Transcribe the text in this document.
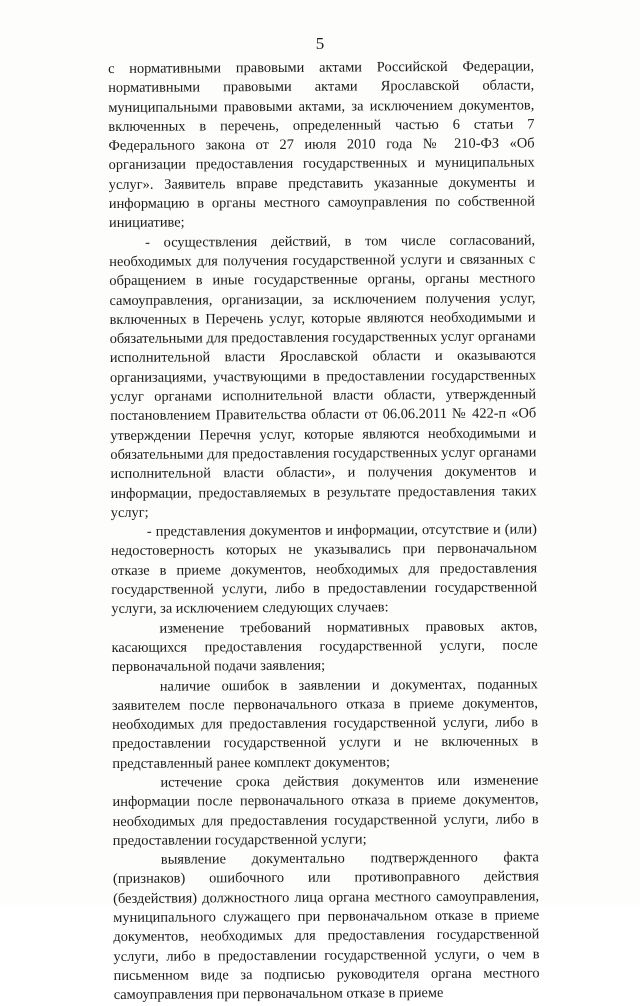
5

с нормативными правовыми актами Российской Федерации, нормативными правовыми актами Ярославской области, муниципальными правовыми актами, за исключением документов, включенных в перечень, определенный частью 6 статьи 7 Федерального закона от 27 июля 2010 года № 210-ФЗ «Об организации предоставления государственных и муниципальных услуг». Заявитель вправе представить указанные документы и информацию в органы местного самоуправления по собственной инициативе;

- осуществления действий, в том числе согласований, необходимых для получения государственной услуги и связанных с обращением в иные государственные органы, органы местного самоуправления, организации, за исключением получения услуг, включенных в Перечень услуг, которые являются необходимыми и обязательными для предоставления государственных услуг органами исполнительной власти Ярославской области и оказываются организациями, участвующими в предоставлении государственных услуг органами исполнительной власти области, утвержденный постановлением Правительства области от 06.06.2011 № 422-п «Об утверждении Перечня услуг, которые являются необходимыми и обязательными для предоставления государственных услуг органами исполнительной власти области», и получения документов и информации, предоставляемых в результате предоставления таких услуг;

- представления документов и информации, отсутствие и (или) недостоверность которых не указывались при первоначальном отказе в приеме документов, необходимых для предоставления государственной услуги, либо в предоставлении государственной услуги, за исключением следующих случаев:

изменение требований нормативных правовых актов, касающихся предоставления государственной услуги, после первоначальной подачи заявления;

наличие ошибок в заявлении и документах, поданных заявителем после первоначального отказа в приеме документов, необходимых для предоставления государственной услуги, либо в предоставлении государственной услуги и не включенных в представленный ранее комплект документов;

истечение срока действия документов или изменение информации после первоначального отказа в приеме документов, необходимых для предоставления государственной услуги, либо в предоставлении государственной услуги;

выявление документально подтвержденного факта (признаков) ошибочного или противоправного действия (бездействия) должностного лица органа местного самоуправления, муниципального служащего при первоначальном отказе в приеме документов, необходимых для предоставления государственной услуги, либо в предоставлении государственной услуги, о чем в письменном виде за подписью руководителя органа местного самоуправления при первоначальном отказе в приеме
